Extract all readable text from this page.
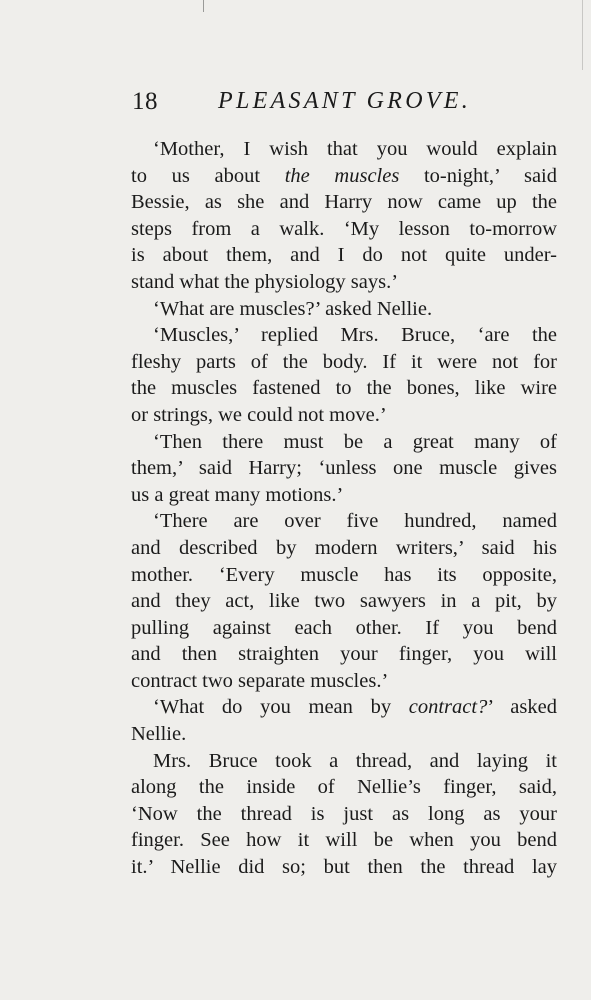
18	PLEASANT GROVE.
‘Mother, I wish that you would explain
to us about the muscles to-night,’ said
Bessie, as she and Harry now came up the
steps from a walk. ‘My lesson to-morrow
is about them, and I do not quite under-
stand what the physiology says.’
‘What are muscles?’ asked Nellie.
‘Muscles,’ replied Mrs. Bruce, ‘are the
fleshy parts of the body. If it were not for
the muscles fastened to the bones, like wire
or strings, we could not move.’
‘Then there must be a great many of
them,’ said Harry; ‘unless one muscle gives
us a great many motions.’
‘There are over five hundred, named
and described by modern writers,’ said his
mother. ‘Every muscle has its opposite,
and they act, like two sawyers in a pit, by
pulling against each other. If you bend
and then straighten your finger, you will
contract two separate muscles.’
‘What do you mean by contract?’ asked
Nellie.
Mrs. Bruce took a thread, and laying it
along the inside of Nellie’s finger, said,
‘Now the thread is just as long as your
finger. See how it will be when you bend
it.’ Nellie did so; but then the thread lay
